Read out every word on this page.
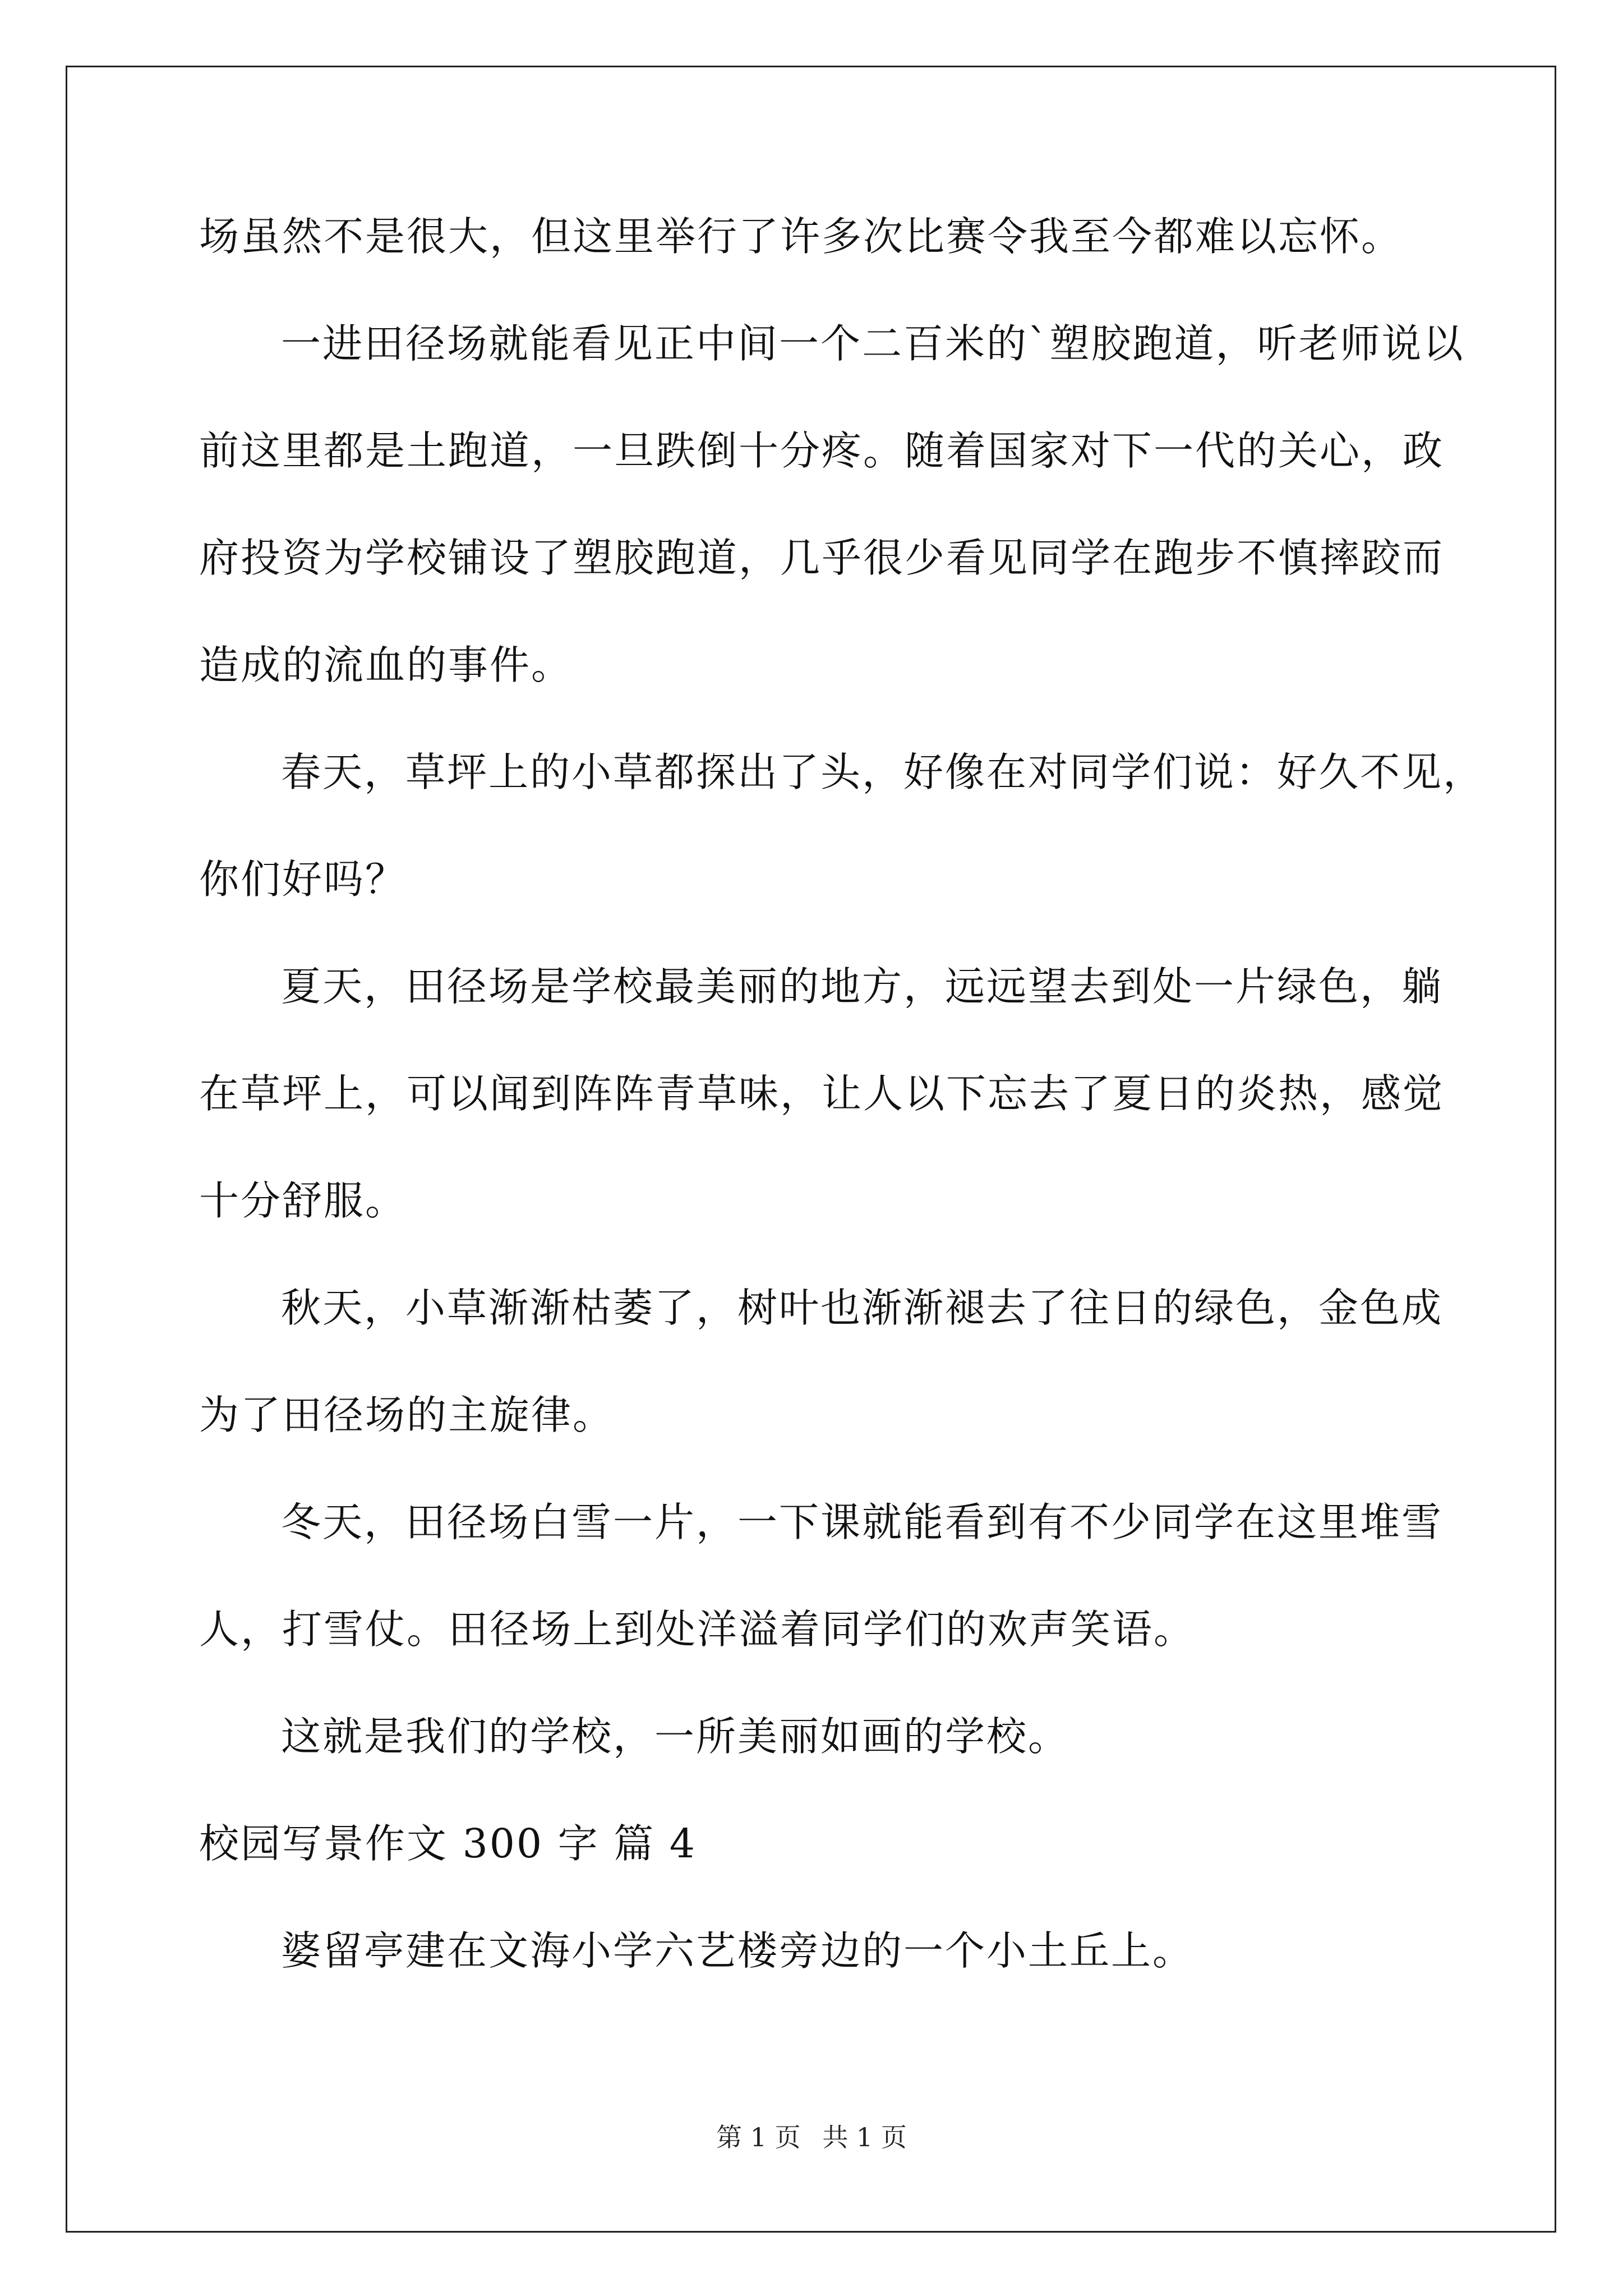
场虽然不是很大，但这里举行了许多次比赛令我至今都难以忘怀。
一进田径场就能看见正中间一个二百米的`塑胶跑道，听老师说以
前这里都是土跑道，一旦跌倒十分疼。随着国家对下一代的关心，政
府投资为学校铺设了塑胶跑道，几乎很少看见同学在跑步不慎摔跤而
造成的流血的事件。
春天，草坪上的小草都探出了头，好像在对同学们说：好久不见，
你们好吗？
夏天，田径场是学校最美丽的地方，远远望去到处一片绿色，躺
在草坪上，可以闻到阵阵青草味，让人以下忘去了夏日的炎热，感觉
十分舒服。
秋天，小草渐渐枯萎了，树叶也渐渐褪去了往日的绿色，金色成
为了田径场的主旋律。
冬天，田径场白雪一片，一下课就能看到有不少同学在这里堆雪
人，打雪仗。田径场上到处洋溢着同学们的欢声笑语。
这就是我们的学校，一所美丽如画的学校。
校园写景作文 300 字 篇 4
婆留亭建在文海小学六艺楼旁边的一个小土丘上。
第 1 页 共 1 页
